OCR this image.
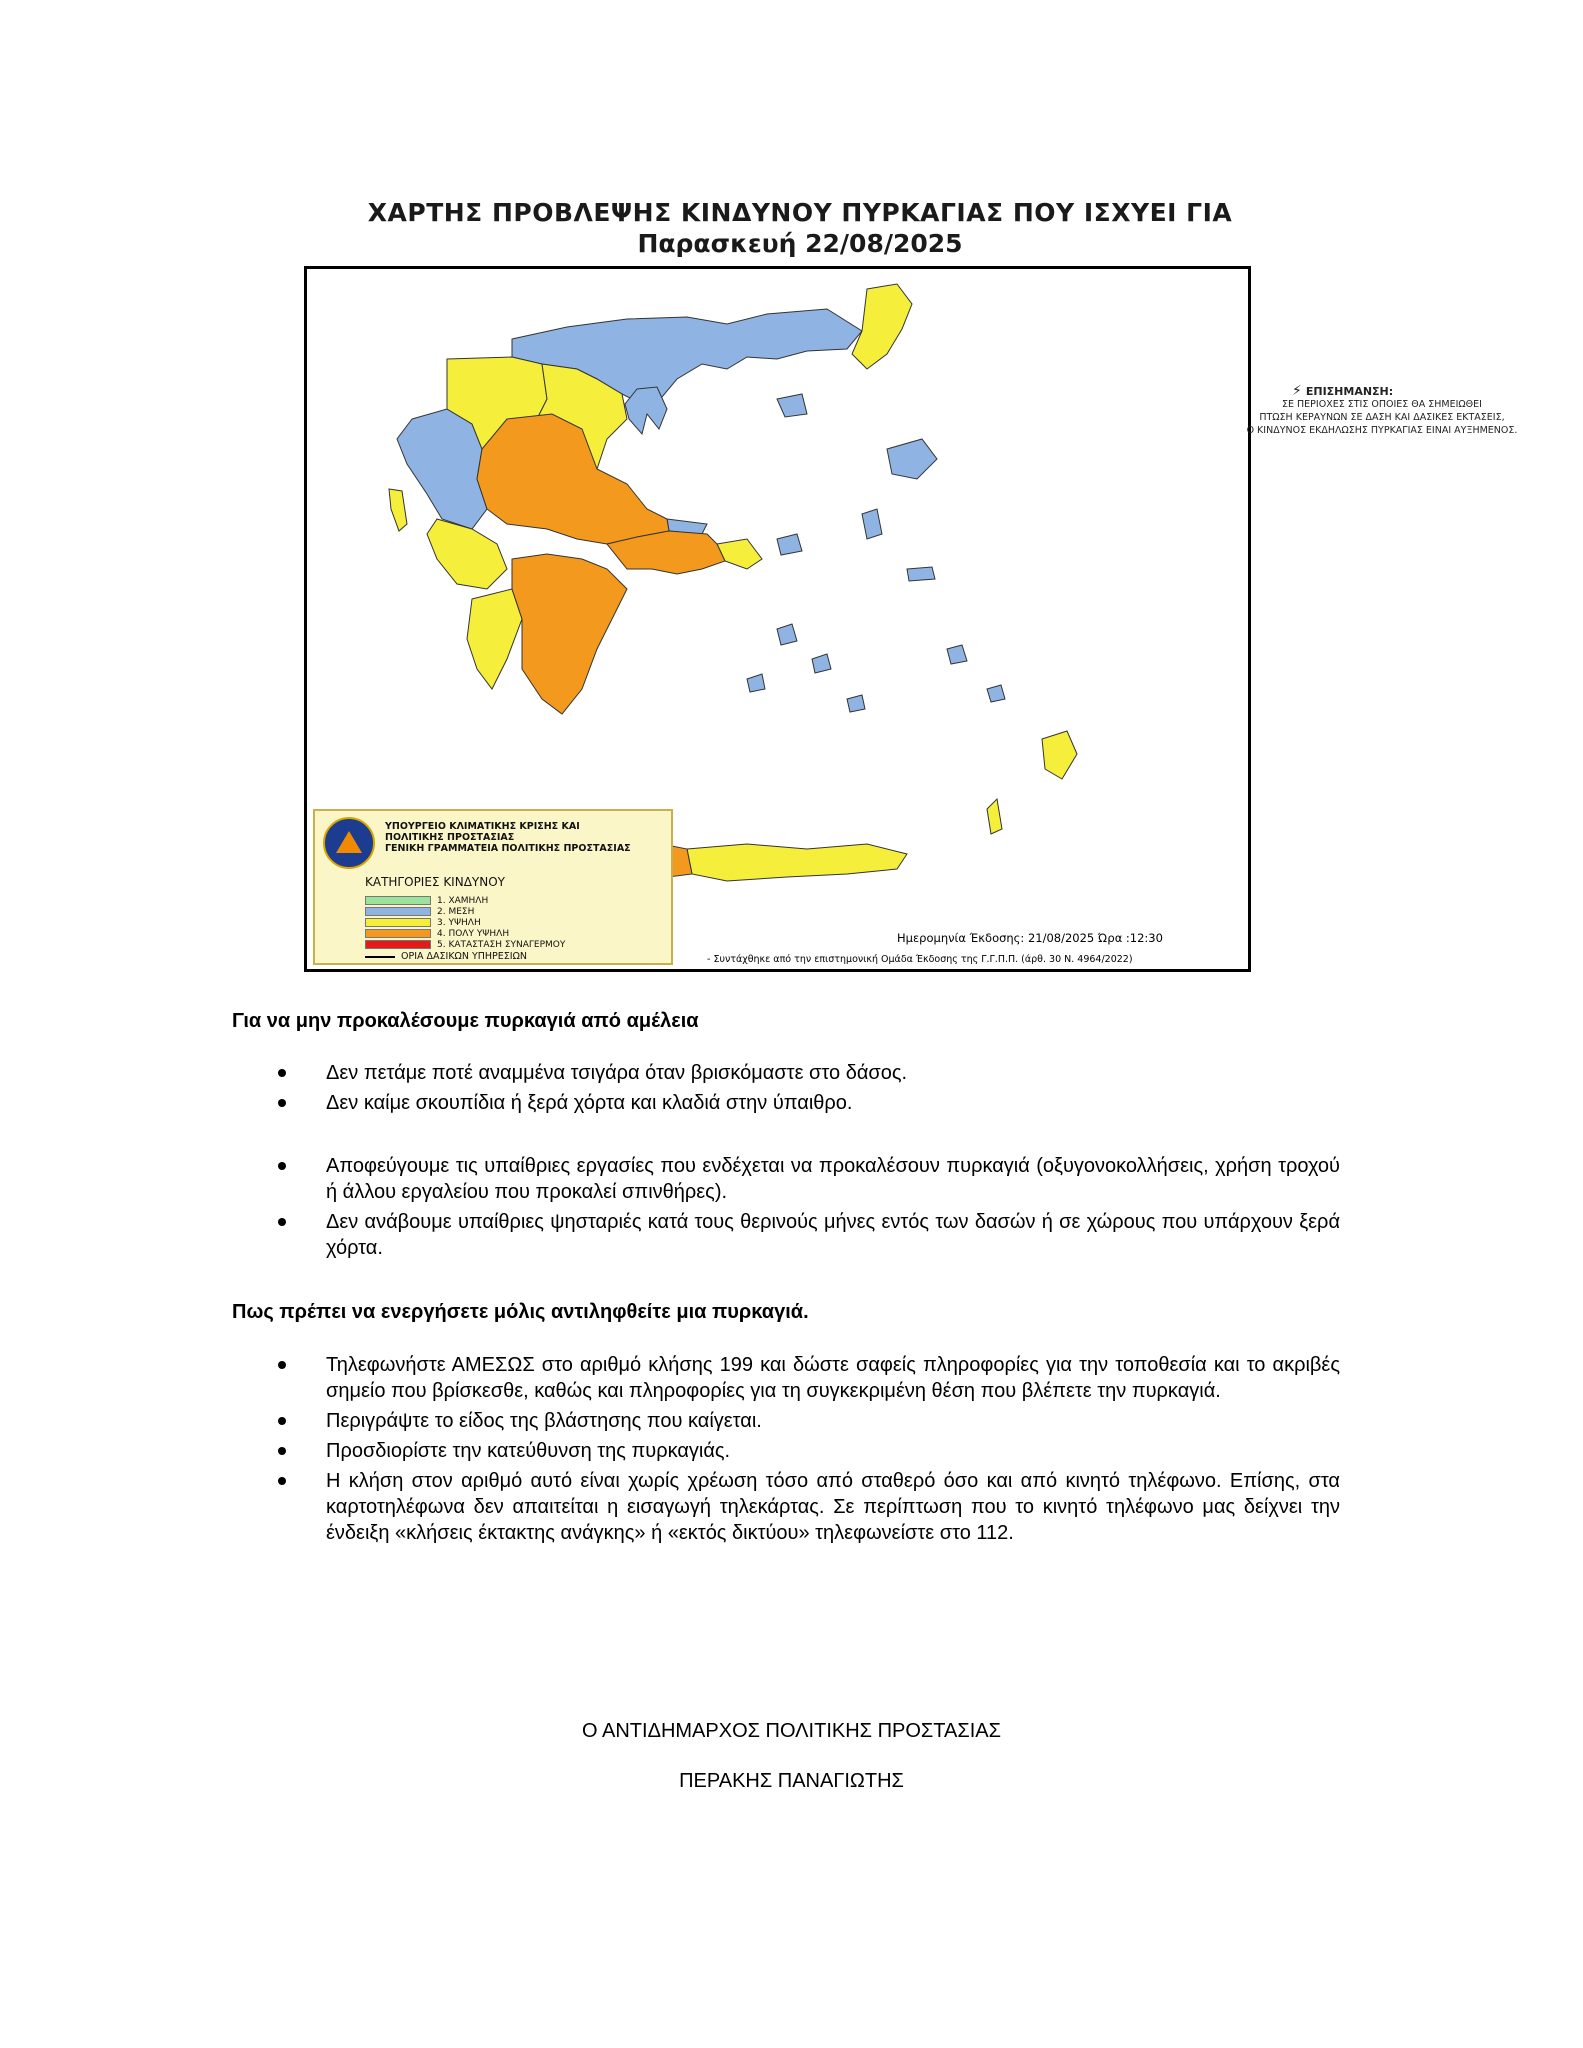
ΧΑΡΤΗΣ ΠΡΟΒΛΕΨΗΣ ΚΙΝΔΥΝΟΥ ΠΥΡΚΑΓΙΑΣ ΠΟΥ ΙΣΧΥΕΙ ΓΙΑ
Παρασκευή 22/08/2025
⚡ ΕΠΙΣΗΜΑΝΣΗ:
ΣΕ ΠΕΡΙΟΧΕΣ ΣΤΙΣ ΟΠΟΙΕΣ ΘΑ ΣΗΜΕΙΩΘΕΙ
ΠΤΩΣΗ ΚΕΡΑΥΝΩΝ ΣΕ ΔΑΣΗ ΚΑΙ ΔΑΣΙΚΕΣ ΕΚΤΑΣΕΙΣ,
Ο ΚΙΝΔΥΝΟΣ ΕΚΔΗΛΩΣΗΣ ΠΥΡΚΑΓΙΑΣ ΕΙΝΑΙ ΑΥΞΗΜΕΝΟΣ.
ΥΠΟΥΡΓΕΙΟ ΚΛΙΜΑΤΙΚΗΣ ΚΡΙΣΗΣ ΚΑΙ
ΠΟΛΙΤΙΚΗΣ ΠΡΟΣΤΑΣΙΑΣ
ΓΕΝΙΚΗ ΓΡΑΜΜΑΤΕΙΑ ΠΟΛΙΤΙΚΗΣ ΠΡΟΣΤΑΣΙΑΣ
ΚΑΤΗΓΟΡΙΕΣ ΚΙΝΔΥΝΟΥ
1. ΧΑΜΗΛΗ
2. ΜΕΣΗ
3. ΥΨΗΛΗ
4. ΠΟΛΥ ΥΨΗΛΗ
5. ΚΑΤΑΣΤΑΣΗ ΣΥΝΑΓΕΡΜΟΥ
ΟΡΙΑ ΔΑΣΙΚΩΝ ΥΠΗΡΕΣΙΩΝ
Ημερομηνία Έκδοσης: 21/08/2025 Ώρα :12:30
- Συντάχθηκε από την επιστημονική Ομάδα Έκδοσης της Γ.Γ.Π.Π. (άρθ. 30 Ν. 4964/2022)
Για να μην προκαλέσουμε πυρκαγιά από αμέλεια
Δεν πετάμε ποτέ αναμμένα τσιγάρα όταν βρισκόμαστε στο δάσος.
Δεν καίμε σκουπίδια ή ξερά χόρτα και κλαδιά στην ύπαιθρο.
Αποφεύγουμε τις υπαίθριες εργασίες που ενδέχεται να προκαλέσουν πυρκαγιά (οξυγονοκολλήσεις, χρήση τροχού ή άλλου εργαλείου που προκαλεί σπινθήρες).
Δεν ανάβουμε υπαίθριες ψησταριές κατά τους θερινούς μήνες εντός των δασών ή σε χώρους που υπάρχουν ξερά χόρτα.
Πως πρέπει να ενεργήσετε μόλις αντιληφθείτε μια πυρκαγιά.
Τηλεφωνήστε ΑΜΕΣΩΣ στο αριθμό κλήσης 199 και δώστε σαφείς πληροφορίες για την τοποθεσία και το ακριβές σημείο που βρίσκεσθε, καθώς και πληροφορίες για τη συγκεκριμένη θέση που βλέπετε την πυρκαγιά.
Περιγράψτε το είδος της βλάστησης που καίγεται.
Προσδιορίστε την κατεύθυνση της πυρκαγιάς.
Η κλήση στον αριθμό αυτό είναι χωρίς χρέωση τόσο από σταθερό όσο και από κινητό τηλέφωνο. Επίσης, στα καρτοτηλέφωνα δεν απαιτείται η εισαγωγή τηλεκάρτας. Σε περίπτωση που το κινητό τηλέφωνο μας δείχνει την ένδειξη «κλήσεις έκτακτης ανάγκης» ή «εκτός δικτύου» τηλεφωνείστε στο 112.
Ο ΑΝΤΙΔΗΜΑΡΧΟΣ ΠΟΛΙΤΙΚΗΣ ΠΡΟΣΤΑΣΙΑΣ
ΠΕΡΑΚΗΣ ΠΑΝΑΓΙΩΤΗΣ
